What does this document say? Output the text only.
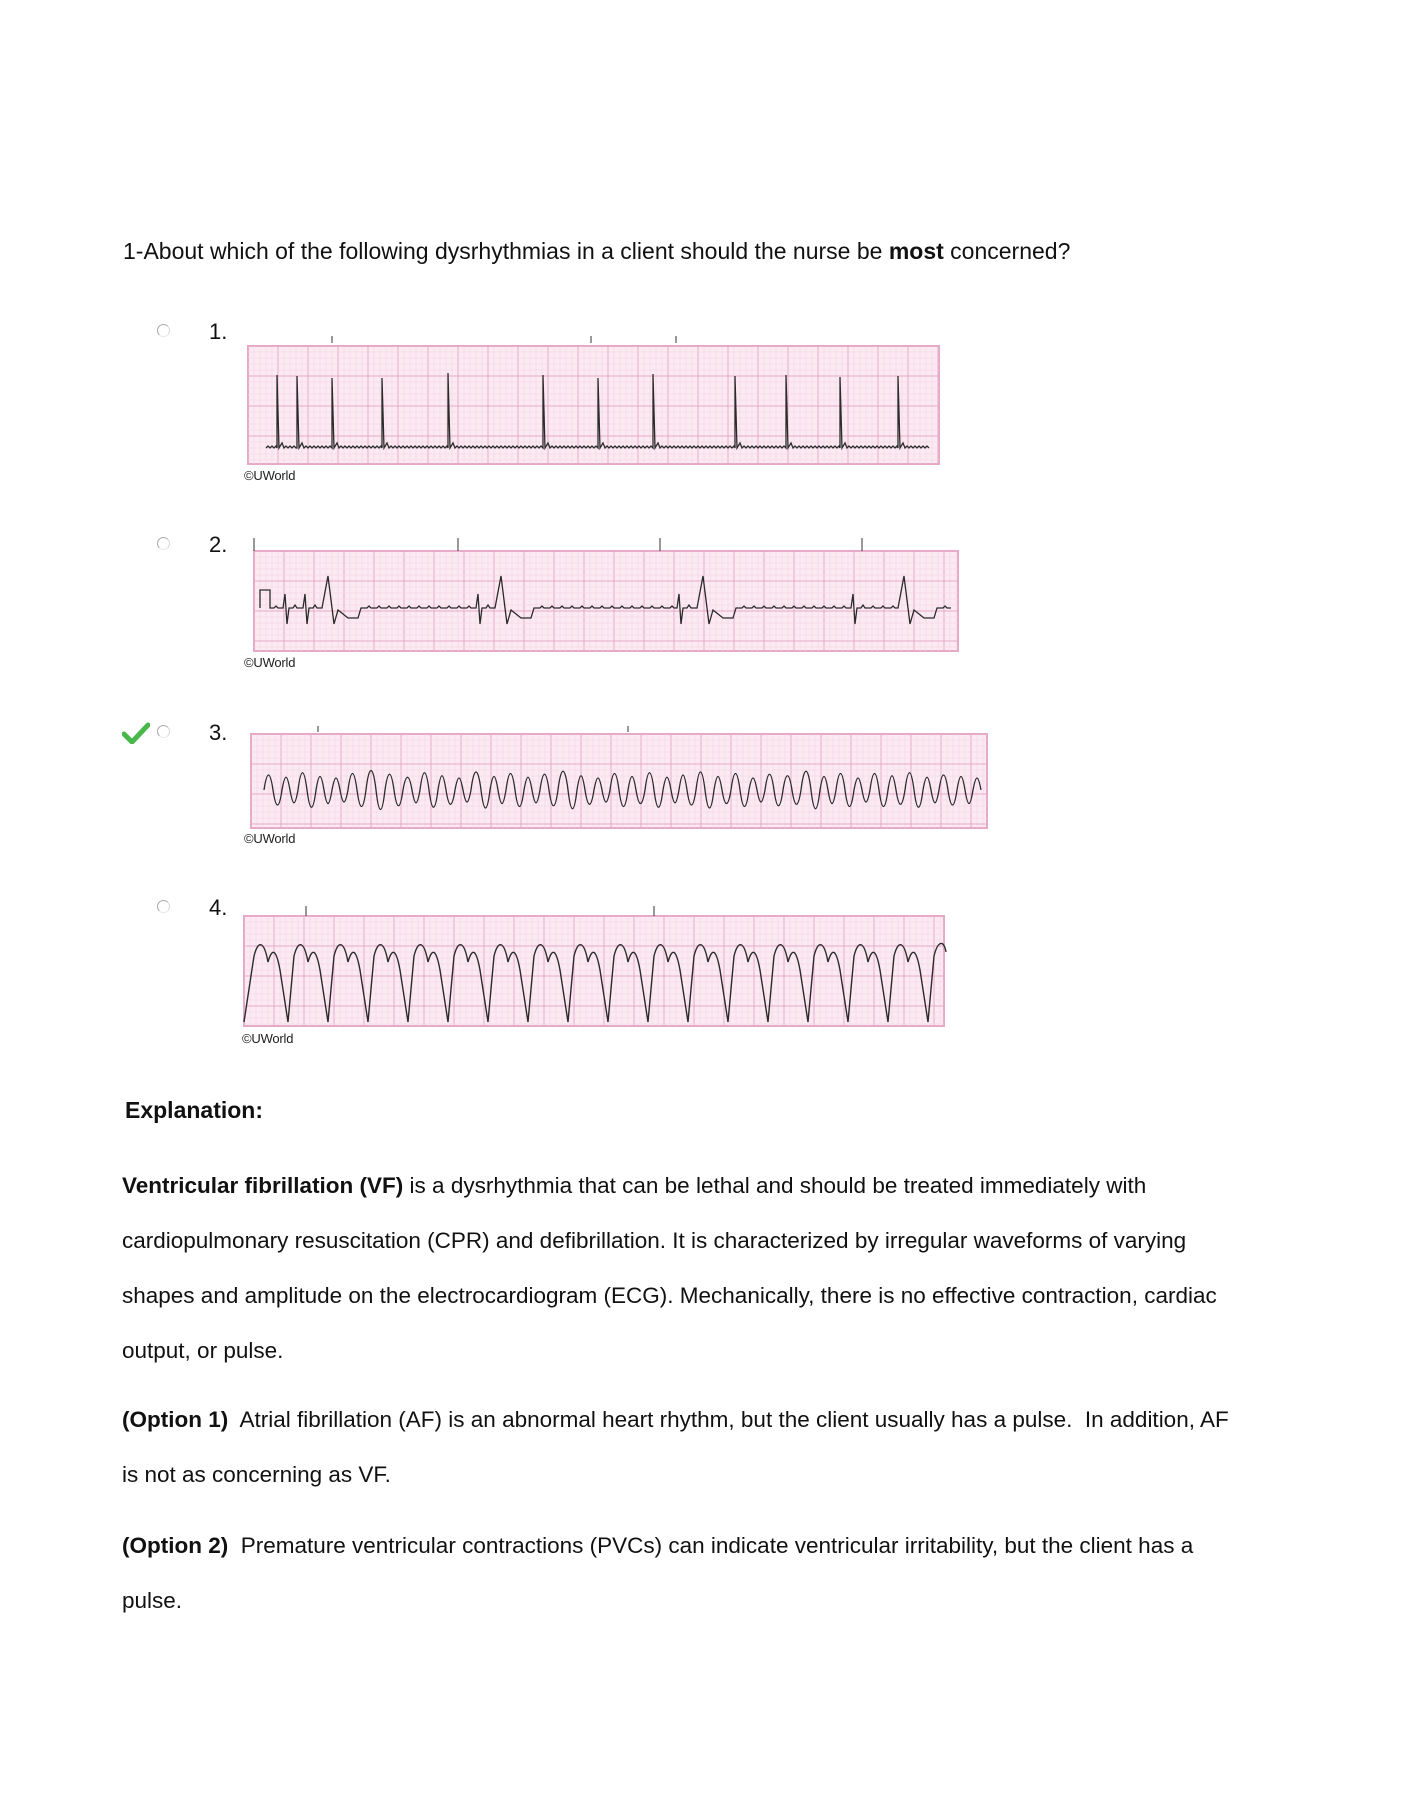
1-About which of the following dysrhythmias in a client should the nurse be most concerned?
1.
©UWorld
2.
©UWorld
3.
©UWorld
4.
©UWorld
Explanation:

Ventricular fibrillation (VF) is a dysrhythmia that can be lethal and should be treated immediately with cardiopulmonary resuscitation (CPR) and defibrillation. It is characterized by irregular waveforms of varying shapes and amplitude on the electrocardiogram (ECG). Mechanically, there is no effective contraction, cardiac output, or pulse.

(Option 1)  Atrial fibrillation (AF) is an abnormal heart rhythm, but the client usually has a pulse.  In addition, AF is not as concerning as VF.

(Option 2)  Premature ventricular contractions (PVCs) can indicate ventricular irritability, but the client has a pulse.
